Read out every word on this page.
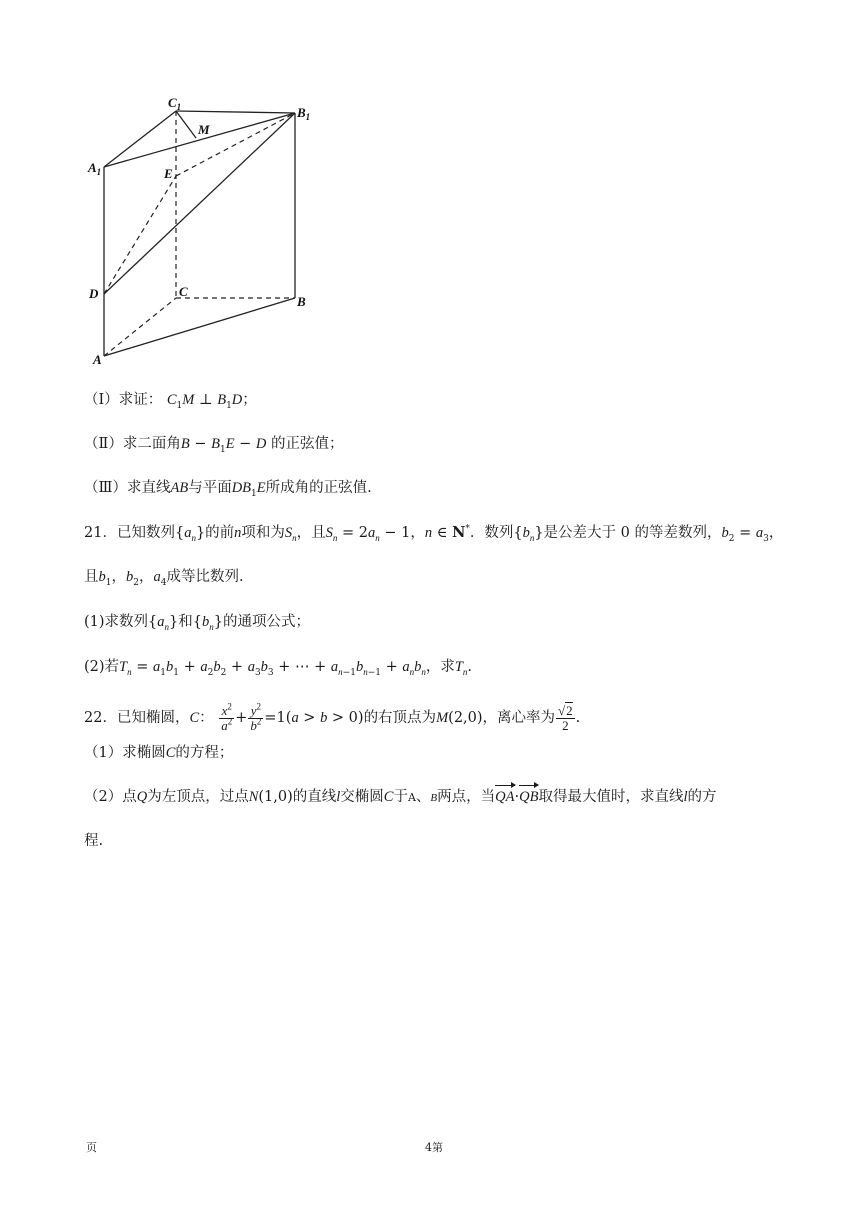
$C_1$	$B_1$
$A_1$
M
E
D	C
B
A
（Ⅰ）求证： $C_1M$ ⊥ $B_1D$；
（Ⅱ）求二面角$B - B_1E - D$ 的正弦值；
（Ⅲ）求直线AB与平面$DB_1E$所成角的正弦值.
21．已知数列$\{a_n\}$的前n项和为$S_n$，且$S_n = 2a_n - 1$，n ∈ N*．数列$\{b_n\}$是公差大于 0 的等差数列，$b_2 = a_3$，
且$b_1$，$b_2$，$a_4$成等比数列.
(1)求数列$\{a_n\}$和$\{b_n\}$的通项公式；
(2)若$T_n = a_1b_1 + a_2b_2 + a_3b_3$ + ⋯ + $a_{n-1}b_{n-1} + a_nb_n$，求$T_n$.
22．已知椭圆，C： $\frac{x^2}{a^2} + \frac{y^2}{b^2} =1(a > b > 0)$的右顶点为M(2,0)，离心率为 $\frac{√2}{2}$ .
（1）求椭圆C的方程；
（2）点Q为左顶点，过点N(1,0)的直线l交椭圆C于A、B两点，当QA·QB取得最大值时，求直线l的方
程.
页	4第
